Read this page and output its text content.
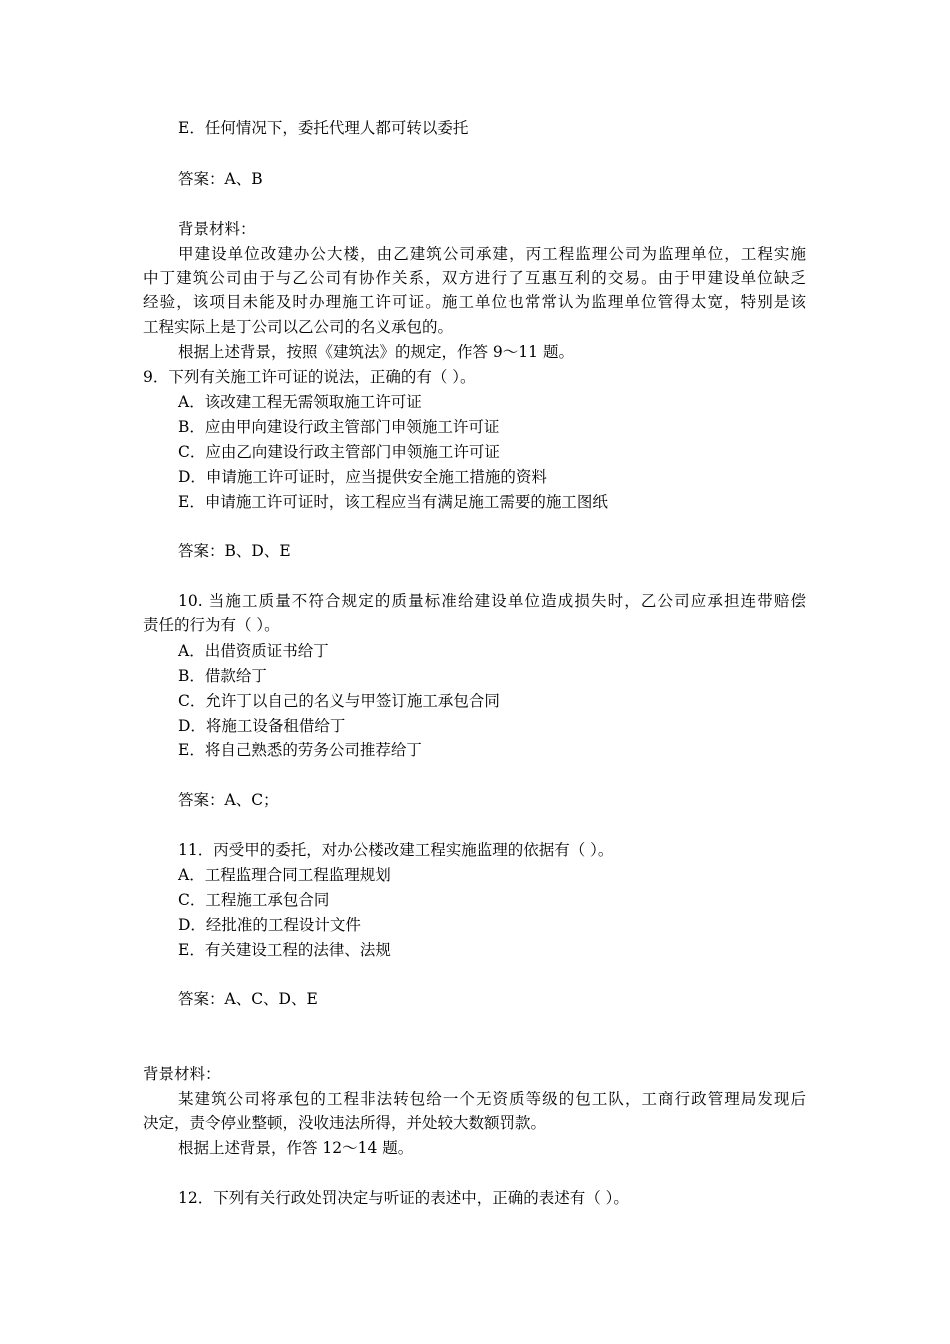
E．任何情况下，委托代理人都可转以委托
答案：A、B
背景材料：
甲建设单位改建办公大楼，由乙建筑公司承建，丙工程监理公司为监理单位，工程实施
中丁建筑公司由于与乙公司有协作关系，双方进行了互惠互利的交易。由于甲建设单位缺乏
经验，该项目未能及时办理施工许可证。施工单位也常常认为监理单位管得太宽，特别是该
工程实际上是丁公司以乙公司的名义承包的。
根据上述背景，按照《建筑法》的规定，作答 9～11 题。
9．下列有关施工许可证的说法，正确的有（ ）。
A．该改建工程无需领取施工许可证
B．应由甲向建设行政主管部门申领施工许可证
C．应由乙向建设行政主管部门申领施工许可证
D．申请施工许可证时，应当提供安全施工措施的资料
E．申请施工许可证时，该工程应当有满足施工需要的施工图纸
答案：B、D、E
10. 当施工质量不符合规定的质量标准给建设单位造成损失时，乙公司应承担连带赔偿
责任的行为有（ ）。
A．出借资质证书给丁
B．借款给丁
C．允许丁以自己的名义与甲签订施工承包合同
D．将施工设备租借给丁
E．将自己熟悉的劳务公司推荐给丁
答案：A、C；
11．丙受甲的委托，对办公楼改建工程实施监理的依据有（ ）。
A．工程监理合同工程监理规划
C．工程施工承包合同
D．经批准的工程设计文件
E．有关建设工程的法律、法规
答案：A、C、D、E
背景材料：
某建筑公司将承包的工程非法转包给一个无资质等级的包工队，工商行政管理局发现后
决定，责令停业整顿，没收违法所得，并处较大数额罚款。
根据上述背景，作答 12～14 题。
12．下列有关行政处罚决定与听证的表述中，正确的表述有（ ）。
